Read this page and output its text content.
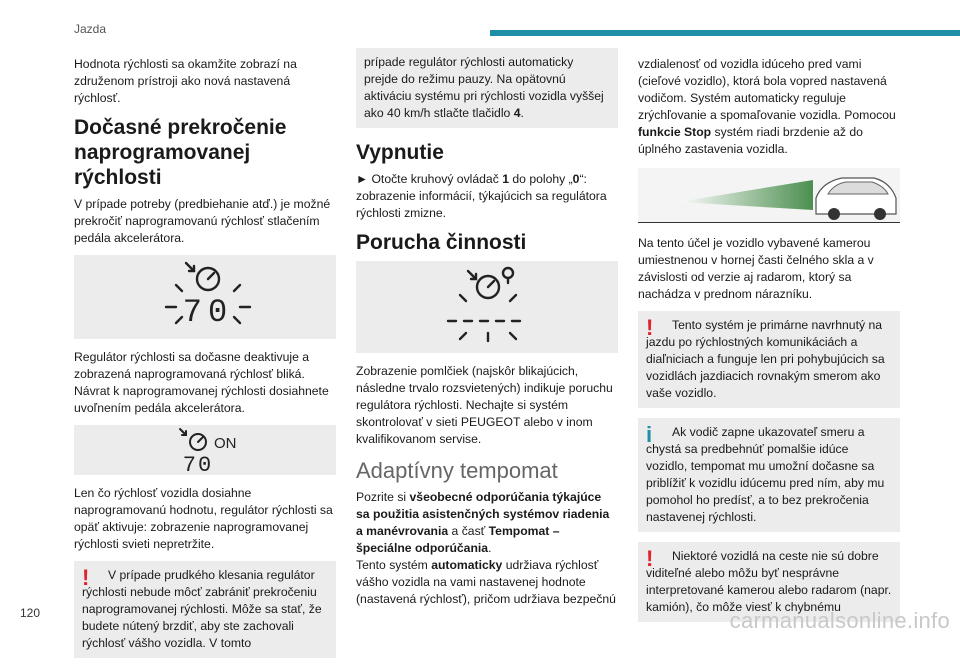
Jazda

Hodnota rýchlosti sa okamžite zobrazí na združenom prístroji ako nová nastavená rýchlosť.

Dočasné prekročenie naprogramovanej rýchlosti

V prípade potreby (predbiehanie atď.) je možné prekročiť naprogramovanú rýchlosť stlačením pedála akcelerátora.

70

Regulátor rýchlosti sa dočasne deaktivuje a zobrazená naprogramovaná rýchlosť bliká. Návrat k naprogramovanej rýchlosti dosiahnete uvoľnením pedála akcelerátora.

ON
70

Len čo rýchlosť vozidla dosiahne naprogramovanú hodnotu, regulátor rýchlosti sa opäť aktivuje: zobrazenie naprogramovanej rýchlosti svieti nepretržite.

!	V prípade prudkého klesania regulátor rýchlosti nebude môcť zabrániť prekročeniu naprogramovanej rýchlosti. Môže sa stať, že budete nútený brzdiť, aby ste zachovali rýchlosť vášho vozidla. V tomto
prípade regulátor rýchlosti automaticky prejde do režimu pauzy. Na opätovnú aktiváciu systému pri rýchlosti vozidla vyššej ako 40 km/h stlačte tlačidlo 4.
Vypnutie

► Otočte kruhový ovládač 1 do polohy „0“: zobrazenie informácií, týkajúcich sa regulátora rýchlosti zmizne.

Porucha činnosti

Zobrazenie pomlčiek (najskôr blikajúcich, následne trvalo rozsvietených) indikuje poruchu regulátora rýchlosti. Nechajte si systém skontrolovať v sieti PEUGEOT alebo v inom kvalifikovanom servise.

Adaptívny tempomat

Pozrite si všeobecné odporúčania týkajúce sa použitia asistenčných systémov riadenia a manévrovania a časť Tempomat – špeciálne odporúčania.
Tento systém automaticky udržiava rýchlosť vášho vozidla na vami nastavenej hodnote (nastavená rýchlosť), pričom udržiava bezpečnú

vzdialenosť od vozidla idúceho pred vami (cieľové vozidlo), ktorá bola vopred nastavená vodičom. Systém automaticky reguluje zrýchľovanie a spomaľovanie vozidla. Pomocou funkcie Stop systém riadi brzdenie až do úplného zastavenia vozidla.

Na tento účel je vozidlo vybavené kamerou umiestnenou v hornej časti čelného skla a v závislosti od verzie aj radarom, ktorý sa nachádza v prednom nárazníku.

!	Tento systém je primárne navrhnutý na jazdu po rýchlostných komunikáciách a diaľniciach a funguje len pri pohybujúcich sa vozidlách jazdiacich rovnakým smerom ako vaše vozidlo.
i	Ak vodič zapne ukazovateľ smeru a chystá sa predbehnúť pomalšie idúce vozidlo, tempomat mu umožní dočasne sa priblížiť k vozidlu idúcemu pred ním, aby mu pomohol ho predísť, a to bez prekročenia nastavenej rýchlosti.
!	Niektoré vozidlá na ceste nie sú dobre viditeľné alebo môžu byť nesprávne interpretované kamerou alebo radarom (napr. kamión), čo môže viesť k chybnému
120	carmanualsonline.info
